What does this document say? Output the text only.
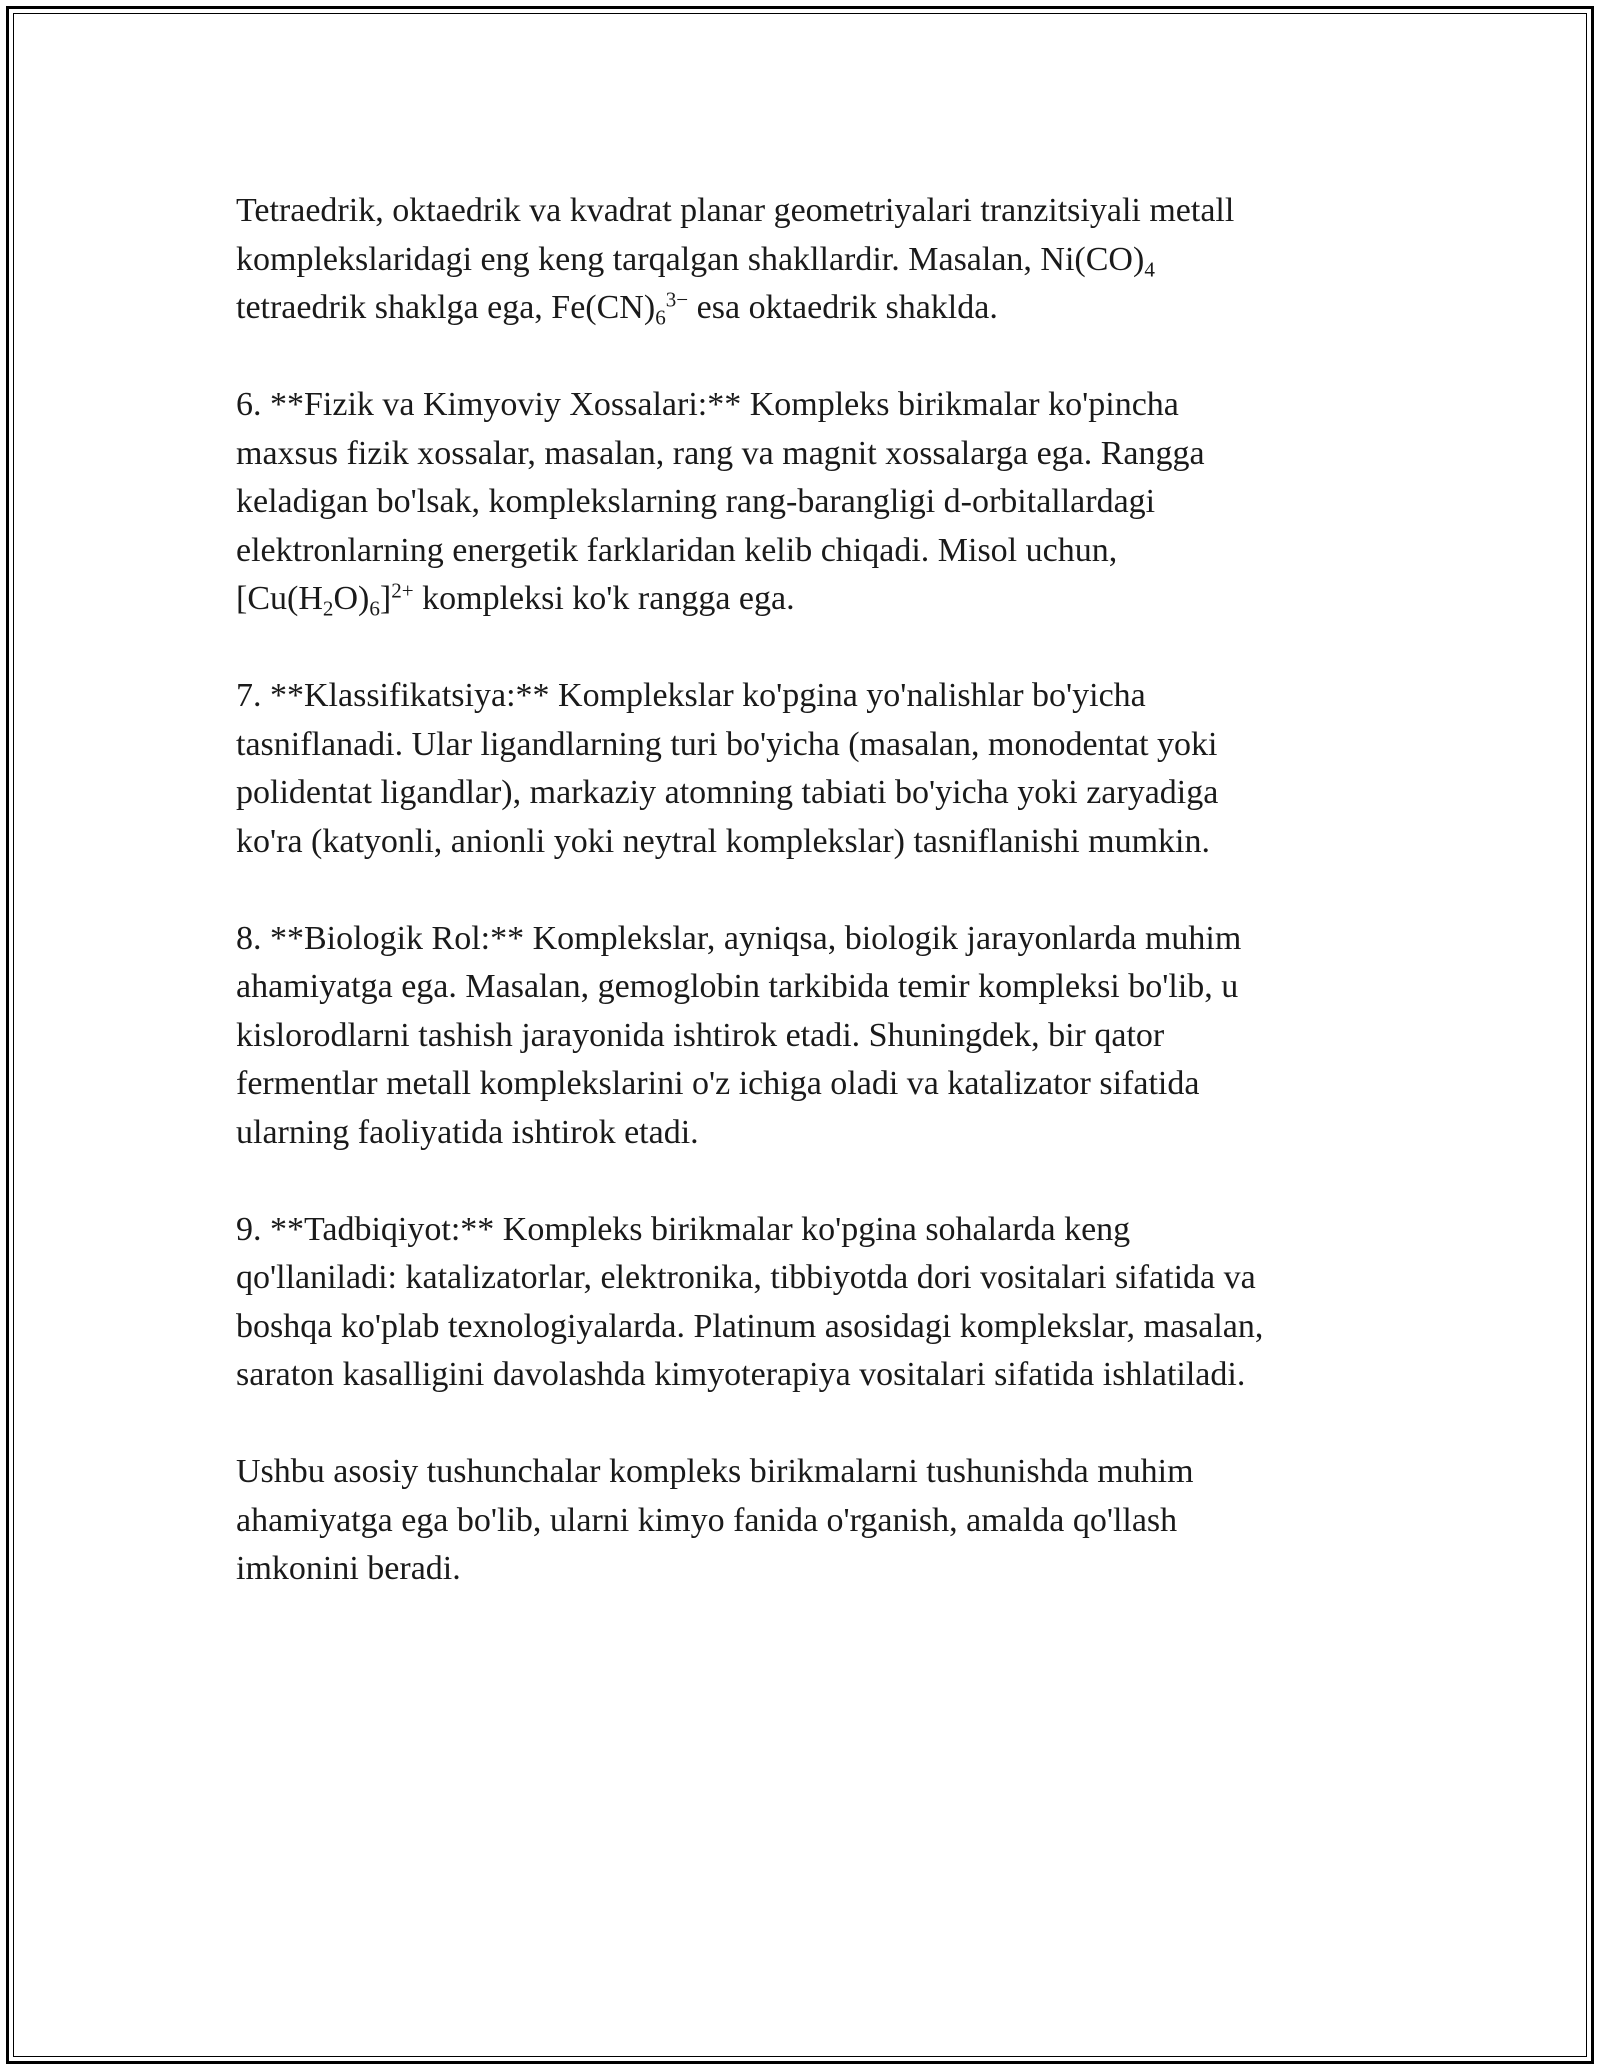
Tetraedrik, oktaedrik va kvadrat planar geometriyalari tranzitsiyali metall
komplekslaridagi eng keng tarqalgan shakllardir. Masalan, $Ni(CO)_4$
tetraedrik shaklga ega, $Fe(CN)_6^{3-}$ esa oktaedrik shaklda.

6. **Fizik va Kimyoviy Xossalari:** Kompleks birikmalar ko'pincha
maxsus fizik xossalar, masalan, rang va magnit xossalarga ega. Rangga
keladigan bo'lsak, komplekslarning rang-barangligi d-orbitallardagi
elektronlarning energetik farklaridan kelib chiqadi. Misol uchun,
$[Cu(H_2O)_6]^{2+}$ kompleksi ko'k rangga ega.

7. **Klassifikatsiya:** Komplekslar ko'pgina yo'nalishlar bo'yicha
tasniflanadi. Ular ligandlarning turi bo'yicha (masalan, monodentat yoki
polidentat ligandlar), markaziy atomning tabiati bo'yicha yoki zaryadiga
ko'ra (katyonli, anionli yoki neytral komplekslar) tasniflanishi mumkin.

8. **Biologik Rol:** Komplekslar, ayniqsa, biologik jarayonlarda muhim
ahamiyatga ega. Masalan, gemoglobin tarkibida temir kompleksi bo'lib, u
kislorodlarni tashish jarayonida ishtirok etadi. Shuningdek, bir qator
fermentlar metall komplekslarini o'z ichiga oladi va katalizator sifatida
ularning faoliyatida ishtirok etadi.

9. **Tadbiqiyot:** Kompleks birikmalar ko'pgina sohalarda keng
qo'llaniladi: katalizatorlar, elektronika, tibbiyotda dori vositalari sifatida va
boshqa ko'plab texnologiyalarda. Platinum asosidagi komplekslar, masalan,
saraton kasalligini davolashda kimyoterapiya vositalari sifatida ishlatiladi.

Ushbu asosiy tushunchalar kompleks birikmalarni tushunishda muhim
ahamiyatga ega bo'lib, ularni kimyo fanida o'rganish, amalda qo'llash
imkonini beradi.
